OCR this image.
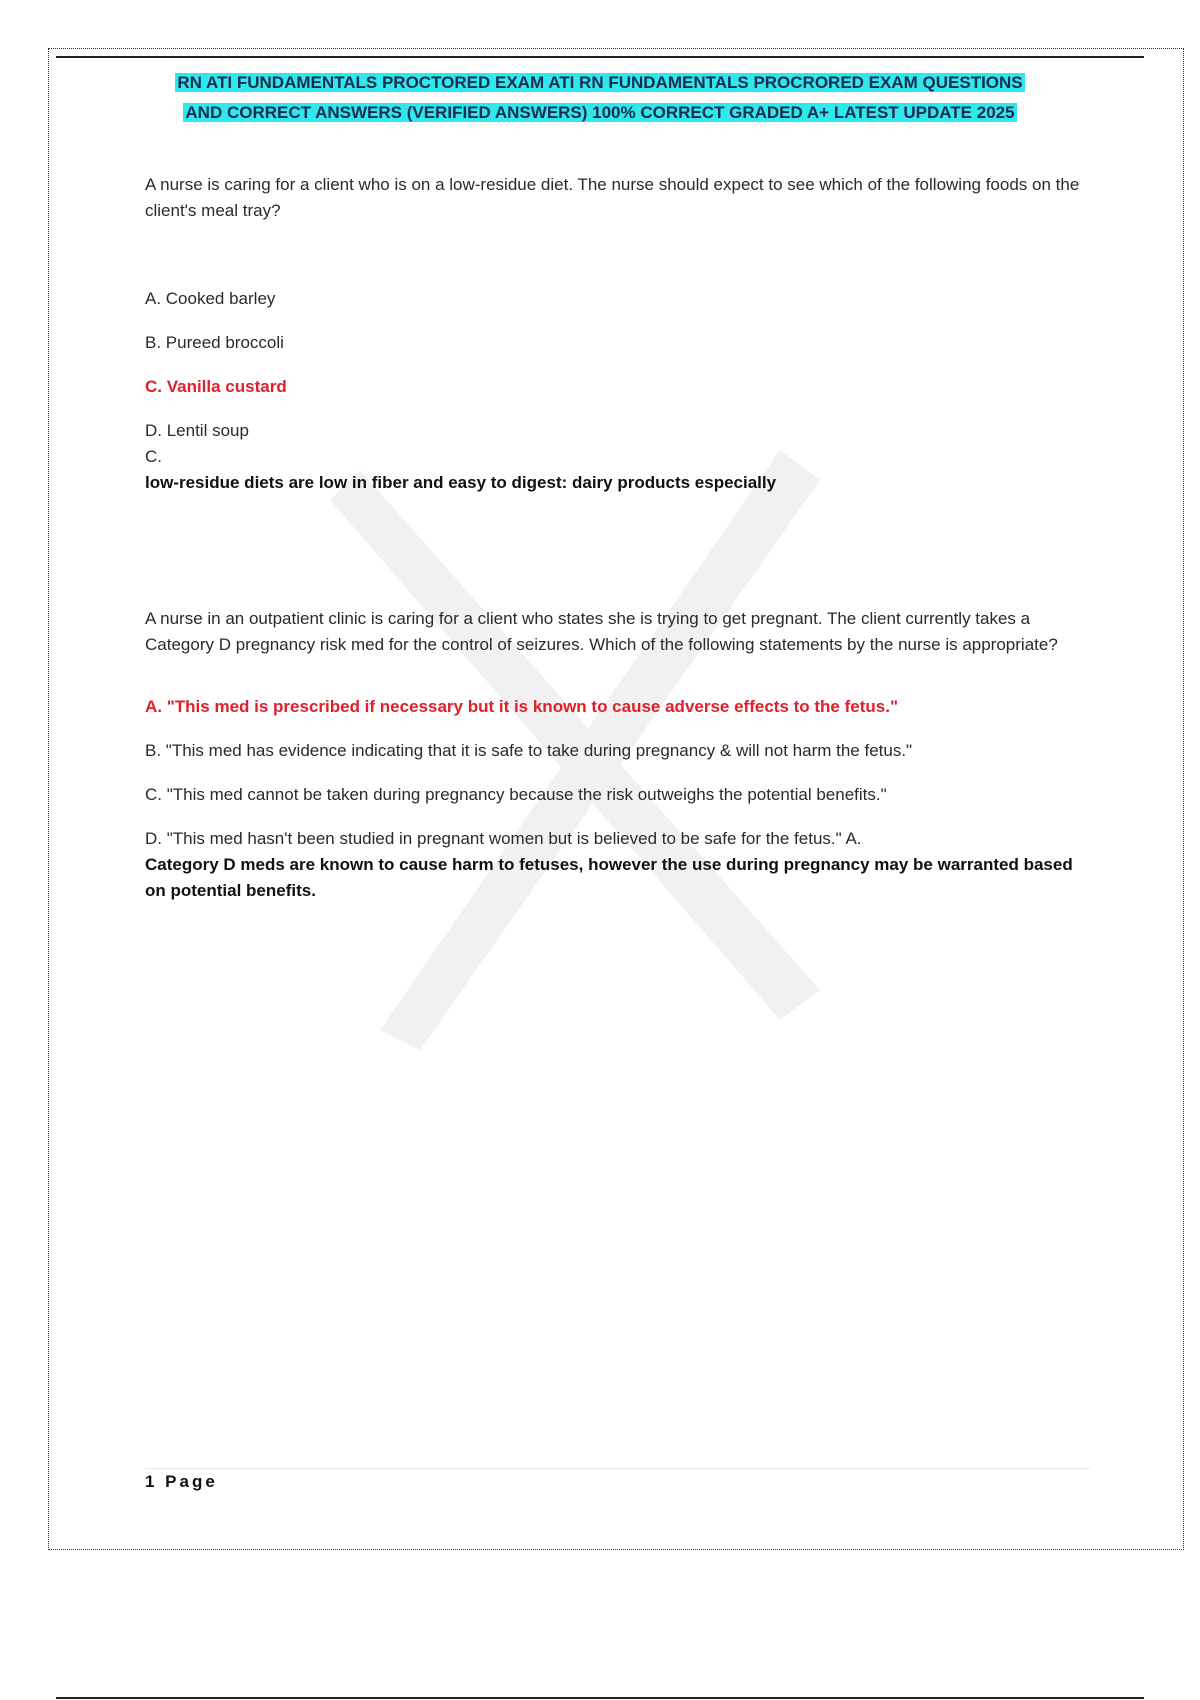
RN ATI FUNDAMENTALS PROCTORED EXAM ATI RN FUNDAMENTALS PROCRORED EXAM QUESTIONS
AND CORRECT ANSWERS (VERIFIED ANSWERS) 100% CORRECT GRADED A+ LATEST UPDATE 2025

A nurse is caring for a client who is on a low-residue diet. The nurse should expect to see which of the following foods on the client's meal tray?

A. Cooked barley
B. Pureed broccoli
C. Vanilla custard
D. Lentil soup
C.

low-residue diets are low in fiber and easy to digest: dairy products especially

A nurse in an outpatient clinic is caring for a client who states she is trying to get pregnant. The client currently takes a Category D pregnancy risk med for the control of seizures. Which of the following statements by the nurse is appropriate?

A. "This med is prescribed if necessary but it is known to cause adverse effects to the fetus."
B. "This med has evidence indicating that it is safe to take during pregnancy & will not harm the fetus."
C. "This med cannot be taken during pregnancy because the risk outweighs the potential benefits."
D. "This med hasn't been studied in pregnant women but is believed to be safe for the fetus." A.

Category D meds are known to cause harm to fetuses, however the use during pregnancy may be warranted based on potential benefits.

1 Page
